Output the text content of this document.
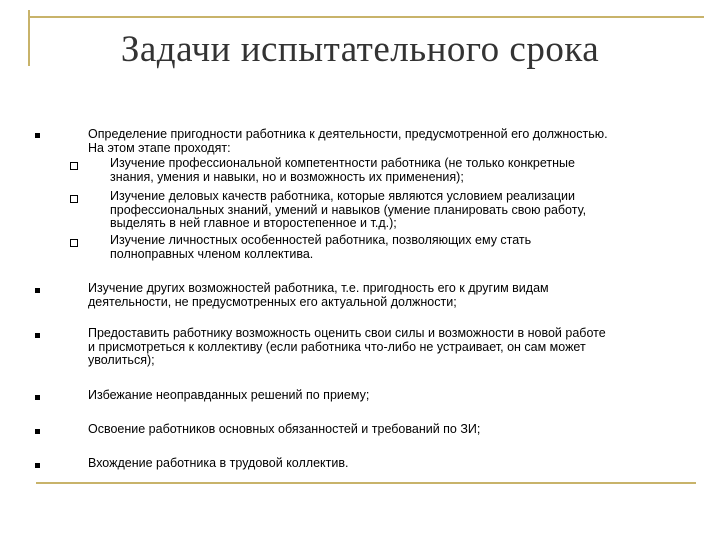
Задачи испытательного срока
Определение пригодности работника к деятельности, предусмотренной его должностью.
На этом этапе проходят:
Изучение профессиональной компетентности работника (не только конкретные
знания, умения и навыки, но и возможность их применения);
Изучение деловых качеств работника, которые являются условием реализации
профессиональных знаний, умений и навыков (умение планировать свою работу,
выделять в ней главное и второстепенное и т.д.);
Изучение личностных особенностей работника, позволяющих ему стать
полноправных членом коллектива.
Изучение других возможностей работника, т.е. пригодность его к другим видам
деятельности, не предусмотренных его актуальной должности;
Предоставить работнику возможность оценить свои силы и возможности в новой работе
и присмотреться к коллективу (если работника что-либо не устраивает, он сам может
уволиться);
Избежание неоправданных решений по приему;
Освоение работников основных обязанностей и требований по ЗИ;
Вхождение работника в трудовой коллектив.
